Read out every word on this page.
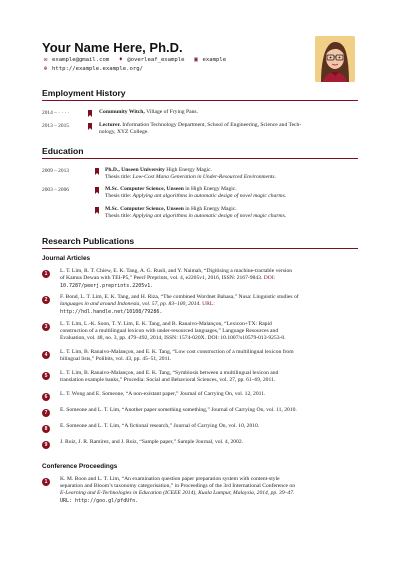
Your Name Here, Ph.D.
✉ example@gmail.com ♦ @overleaf_example ▣ example
⊕ http://example.example.org/
Employment History
2014 – · · · ·	Community Witch, Village of Frying Pans.
2013 – 2015	Lecturer. Information Technology Department, School of Engineering, Science and Tech-
nology, XYZ College.
Education
2009 – 2013	Ph.D., Unseen University High Energy Magic.
Thesis title: Low-Cost Mana Generation in Under-Resourced Environments.
2003 – 2006	M.Sc. Computer Science, Unseen in High Energy Magic.
Thesis title: Applying ant algorithms in automatic design of novel magic charms.
M.Sc. Computer Science, Unseen in High Energy Magic.
Thesis title: Applying ant algorithms in automatic design of novel magic charms.
Research Publications
Journal Articles
1	L. T. Lim, R. T. Chiew, E. K. Tang, A. G. Rusli, and Y. Naimah, “Digitising a machine-tractable version
of Kamus Dewan with TEI-P5,” PeerJ Preprints, vol. 4, e2205v1, 2016, ISSN: 2167-9843. DOI:
10.7287/peerj.preprints.2205v1.
2	F. Bond, L. T. Lim, E. K. Tang, and H. Riza, “The combined Wordnet Bahasa,” Nusa: Linguistic studies of
languages in and around Indonesia, vol. 57, pp. 83–100, 2014. URL:
http://hdl.handle.net/10108/79286.
3	L. T. Lim, L.-K. Soon, T. Y. Lim, E. K. Tang, and B. Ranaivo-Malançon, “Lexicon+TX: Rapid
construction of a multilingual lexicon with under-resourced languages,” Language Resources and
Evaluation, vol. 48, no. 3, pp. 479–492, 2014, ISSN: 1574-020X. DOI: 10.1007/s10579-013-9253-0.
4	L. T. Lim, B. Ranaivo-Malançon, and E. K. Tang, “Low cost construction of a multilingual lexicon from
bilingual lists,” Polibits, vol. 43, pp. 45–51, 2011.
5	L. T. Lim, B. Ranaivo-Malançon, and E. K. Tang, “Symbiosis between a multilingual lexicon and
translation example banks,” Procedia: Social and Behavioral Sciences, vol. 27, pp. 61–69, 2011.
6	L. T. Wong and E. Someone, “A non-existant paper,” Journal of Carrying On, vol. 12, 2011.
7	E. Someone and L. T. Lim, “Another paper something something,” Journal of Carrying On, vol. 11, 2010.
8	E. Someone and L. T. Lim, “A fictional research,” Journal of Carrying On, vol. 10, 2010.
9	J. Ruiz, J. R. Ramírez, and J. Ruiz, “Sample paper,” Sample Journal, vol. 4, 2002.
Conference Proceedings
1	K. M. Boon and L. T. Lim, “An examination question paper preparation system with content-style
separation and Bloom’s taxonomy categorisation,” in Proceedings of the 3rd International Conference on
E-Learning and E-Technologies in Education (ICEEE 2014), Kuala Lumpur, Malaysia, 2014, pp. 39–47.
URL: http://goo.gl/pfdUfn.
